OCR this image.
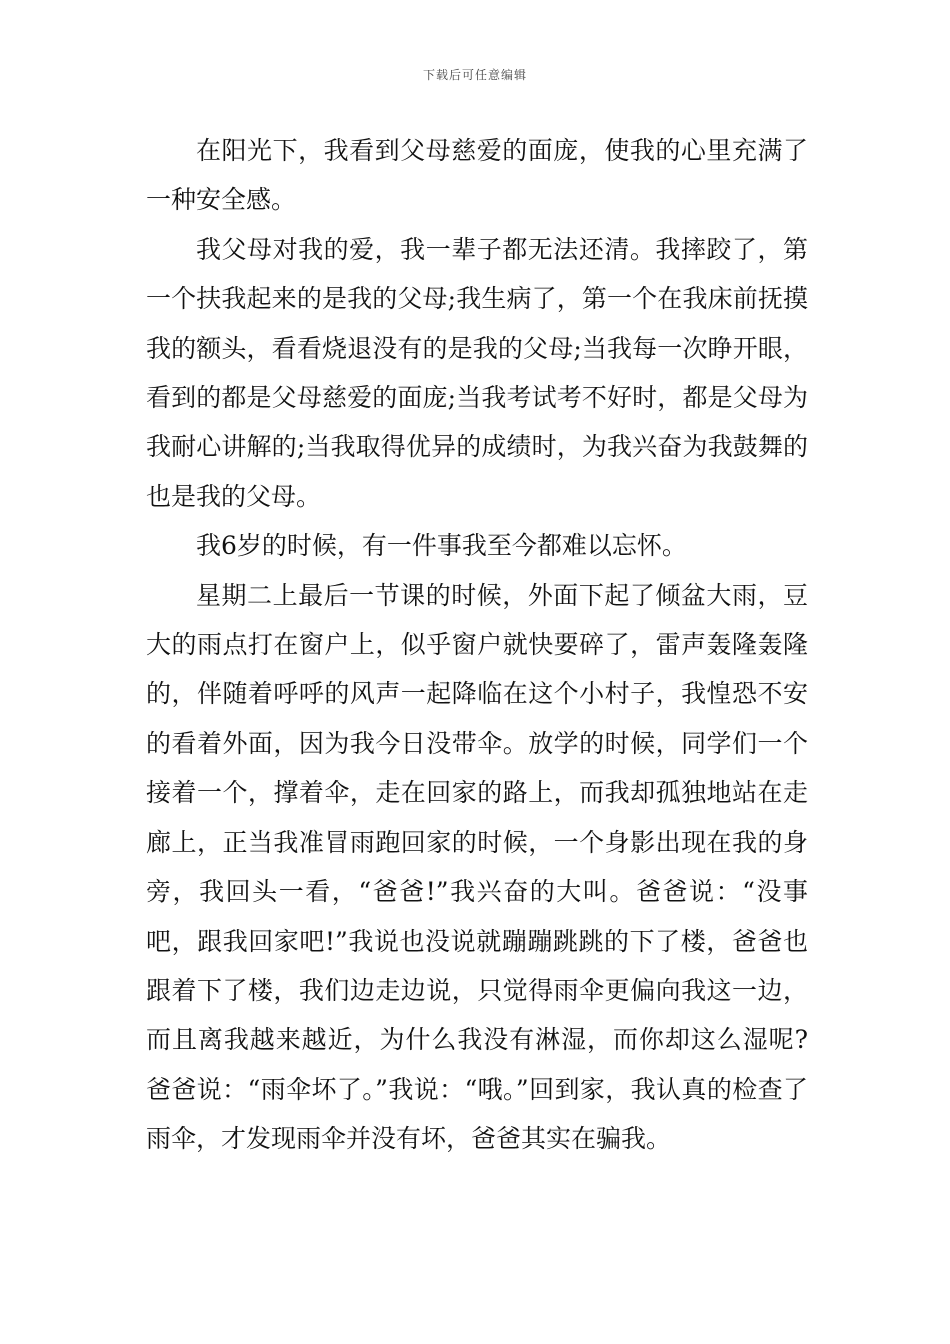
下载后可任意编辑

在阳光下，我看到父母慈爱的面庞，使我的心里充满了一种安全感。

我父母对我的爱，我一辈子都无法还清。我摔跤了，第一个扶我起来的是我的父母;我生病了，第一个在我床前抚摸我的额头，看看烧退没有的是我的父母;当我每一次睁开眼，看到的都是父母慈爱的面庞;当我考试考不好时，都是父母为我耐心讲解的;当我取得优异的成绩时，为我兴奋为我鼓舞的也是我的父母。

我6岁的时候，有一件事我至今都难以忘怀。

星期二上最后一节课的时候，外面下起了倾盆大雨，豆大的雨点打在窗户上，似乎窗户就快要碎了，雷声轰隆轰隆的，伴随着呼呼的风声一起降临在这个小村子，我惶恐不安的看着外面，因为我今日没带伞。放学的时候，同学们一个接着一个，撑着伞，走在回家的路上，而我却孤独地站在走廊上，正当我准冒雨跑回家的时候，一个身影出现在我的身旁，我回头一看，“爸爸!”我兴奋的大叫。爸爸说：“没事吧，跟我回家吧!”我说也没说就蹦蹦跳跳的下了楼，爸爸也跟着下了楼，我们边走边说，只觉得雨伞更偏向我这一边，而且离我越来越近，为什么我没有淋湿，而你却这么湿呢?爸爸说：“雨伞坏了。”我说：“哦。”回到家，我认真的检查了雨伞，才发现雨伞并没有坏，爸爸其实在骗我。
